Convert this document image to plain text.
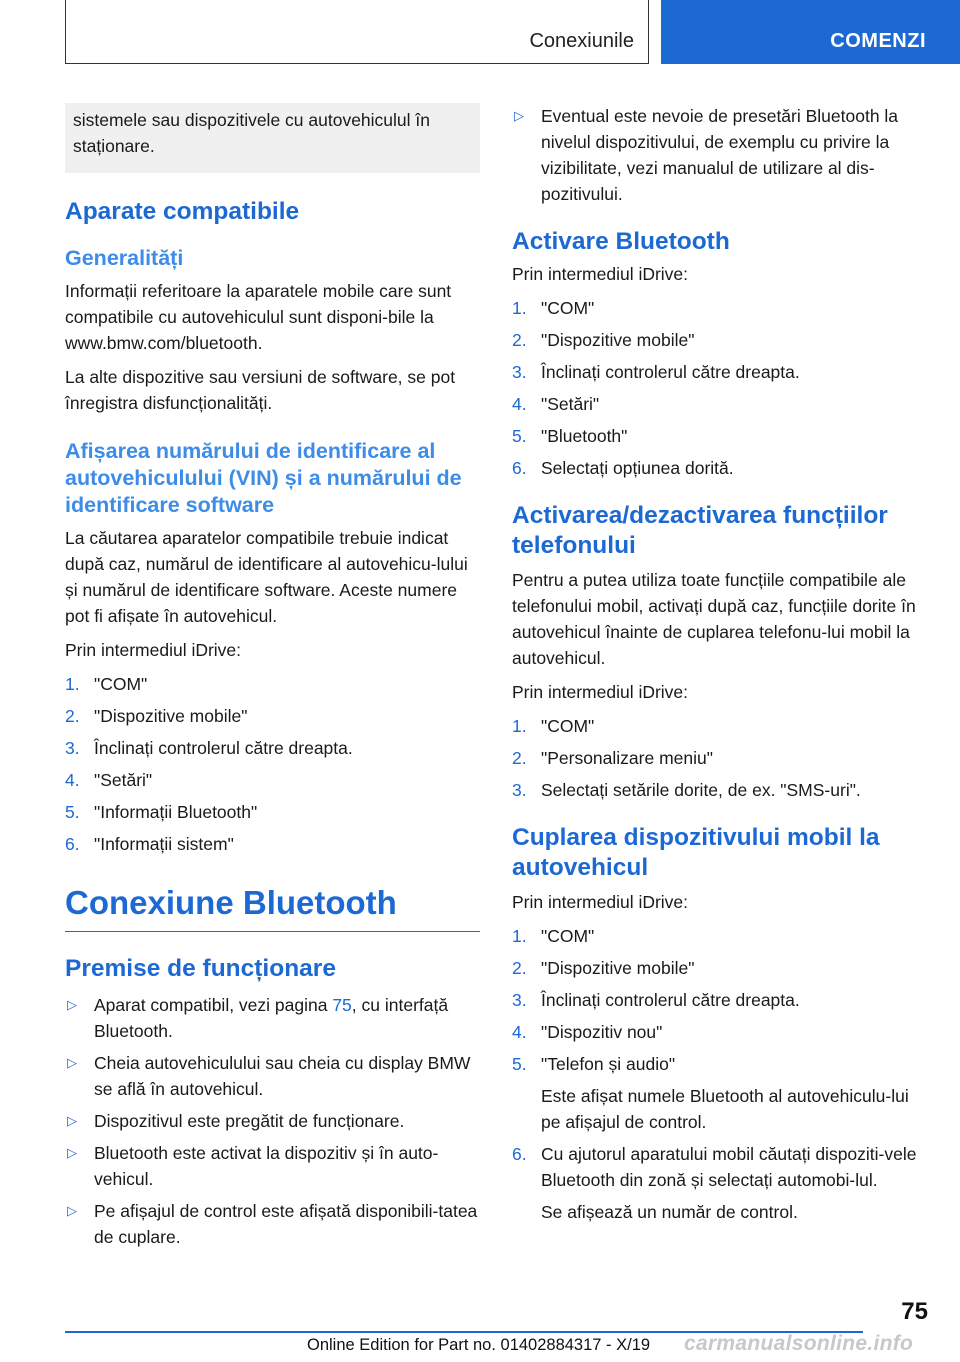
Conexiunile	COMENZI
sistemele sau dispozitivele cu autovehiculul în staționare.
Aparate compatibile
Generalități

Informații referitoare la aparatele mobile care sunt compatibile cu autovehiculul sunt disponi-bile la www.bmw.com/bluetooth.

La alte dispozitive sau versiuni de software, se pot înregistra disfuncționalități.

Afișarea numărului de identificare al autovehiculului (VIN) și a numărului de identificare software

La căutarea aparatelor compatibile trebuie indicat după caz, numărul de identificare al autovehicu-lului și numărul de identificare software. Aceste numere pot fi afișate în autovehicul.

Prin intermediul iDrive:

1. "COM"
2. "Dispozitive mobile"
3. Înclinați controlerul către dreapta.
4. "Setări"
5. "Informații Bluetooth"
6. "Informații sistem"
Conexiune Bluetooth
Premise de funcționare
▷ Aparat compatibil, vezi pagina 75, cu interfață Bluetooth.
▷ Cheia autovehiculului sau cheia cu display BMW se află în autovehicul.
▷ Dispozitivul este pregătit de funcționare.
▷ Bluetooth este activat la dispozitiv și în auto-vehicul.
▷ Pe afișajul de control este afișată disponibili-tatea de cuplare.
▷ Eventual este nevoie de presetări Bluetooth la nivelul dispozitivului, de exemplu cu privire la vizibilitate, vezi manualul de utilizare al dis-pozitivului.
Activare Bluetooth

Prin intermediul iDrive:

1. "COM"
2. "Dispozitive mobile"
3. Înclinați controlerul către dreapta.
4. "Setări"
5. "Bluetooth"
6. Selectați opțiunea dorită.
Activarea/dezactivarea funcțiilor telefonului

Pentru a putea utiliza toate funcțiile compatibile ale telefonului mobil, activați după caz, funcțiile dorite în autovehicul înainte de cuplarea telefonu-lui mobil la autovehicul.

Prin intermediul iDrive:

1. "COM"
2. "Personalizare meniu"
3. Selectați setările dorite, de ex. "SMS-uri".
Cuplarea dispozitivului mobil la autovehicul

Prin intermediul iDrive:

1. "COM"
2. "Dispozitive mobile"
3. Înclinați controlerul către dreapta.
4. "Dispozitiv nou"
5. "Telefon și audio"
Este afișat numele Bluetooth al autovehiculu-lui pe afișajul de control.
6. Cu ajutorul aparatului mobil căutați dispoziti-vele Bluetooth din zonă și selectați automobi-lul.
Se afișează un număr de control.
75
Online Edition for Part no. 01402884317 - X/19 carmanualsonline.info
